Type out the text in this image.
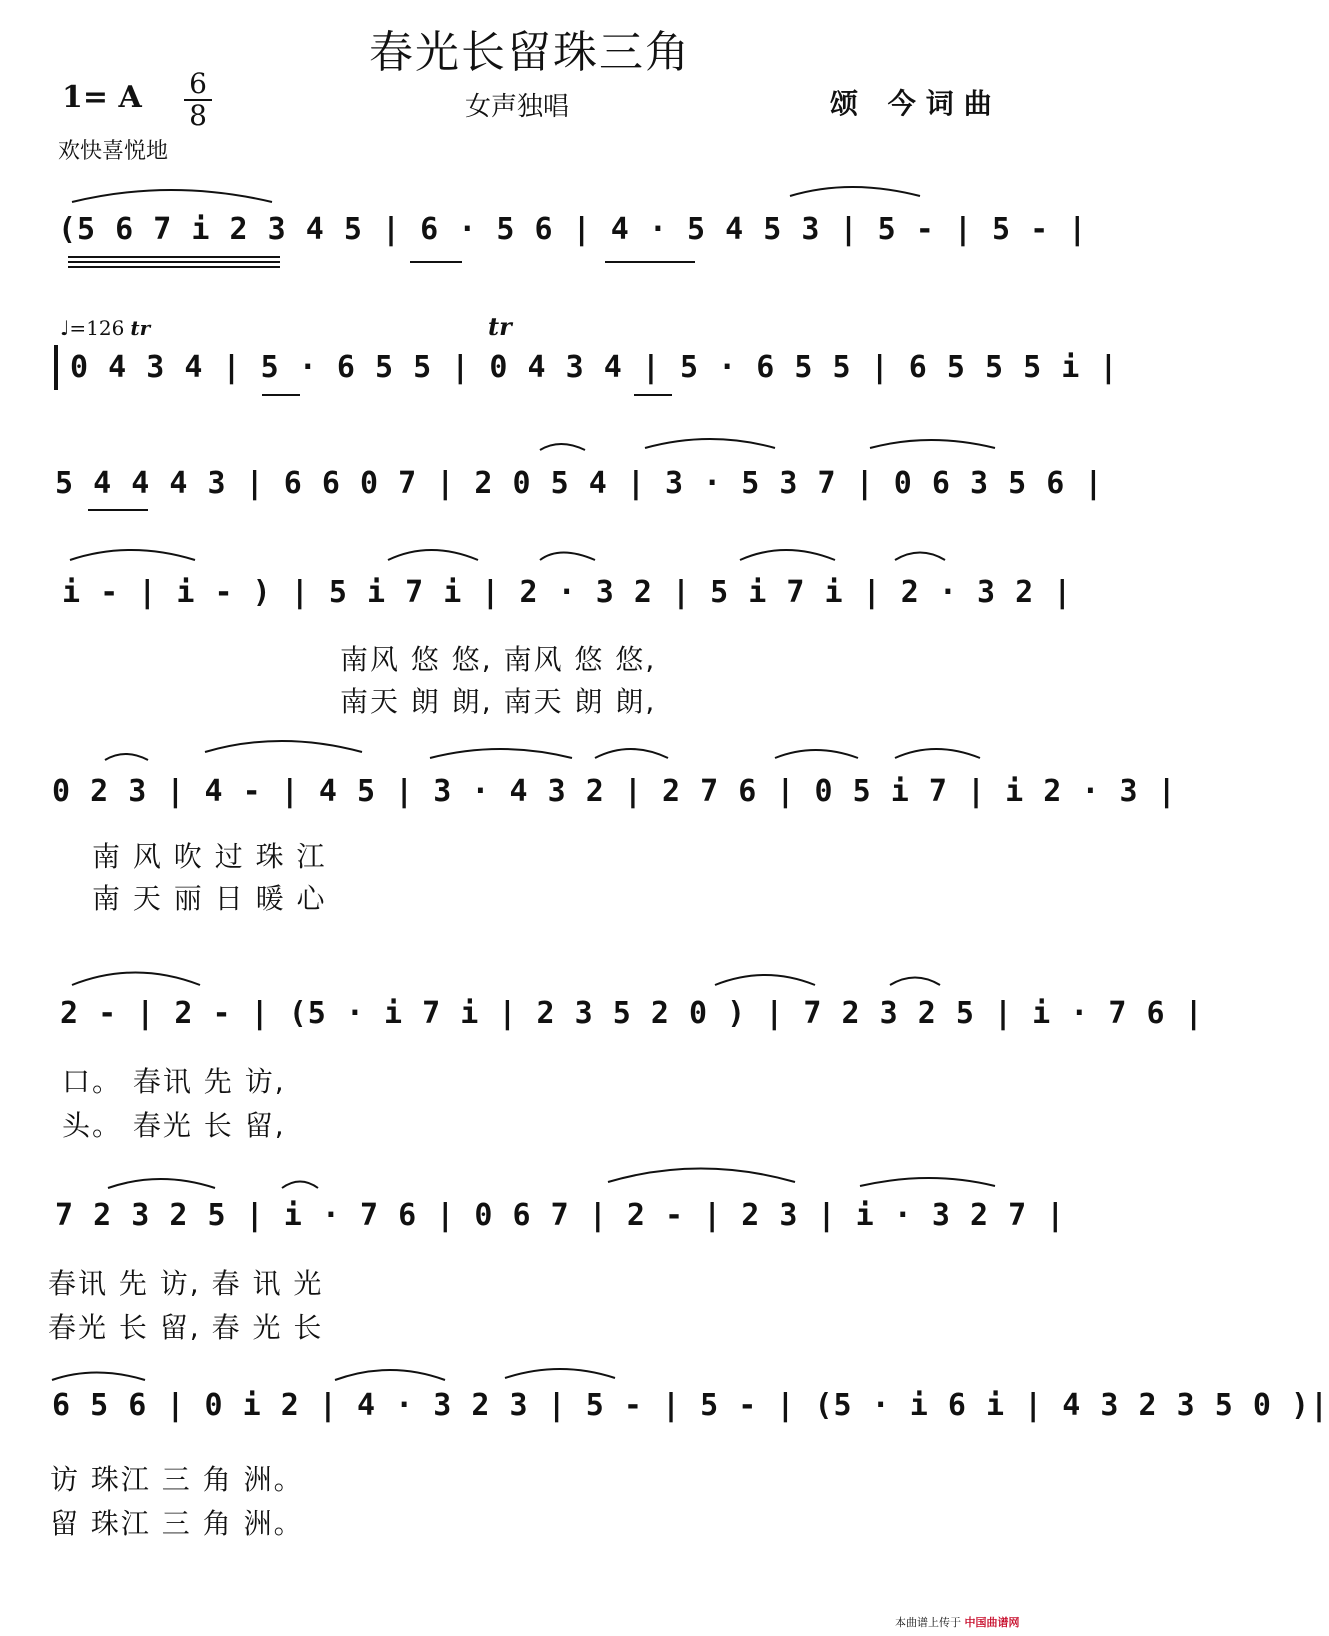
春光长留珠三角
1= A	6
8	女声独唱	颂 今词曲
欢快喜悦地
♩=126 tr	tr
(5 6 7 i 2 3 4 5 | 6 · 5 6 | 4 · 5 4 5 3 | 5 - | 5 - |
0 4 3 4 | 5 · 6 5 5 | 0 4 3 4 | 5 · 6 5 5 | 6 5 5 5 i |
5 4 4 4 3 | 6 6 0 7 | 2 0 5 4 | 3 · 5 3 7 | 0 6 3 5 6 |
i - | i - ) | 5 i 7 i | 2 · 3 2 | 5 i 7 i | 2 · 3 2 |
南风 悠 悠, 南风 悠 悠,
南天 朗 朗, 南天 朗 朗,
0 2 3 | 4 - | 4 5 | 3 · 4 3 2 | 2 7 6 | 0 5 i 7 | i 2 · 3 |
南 风 吹 过 珠 江
南 天 丽 日 暖 心
2 - | 2 - | (5 · i 7 i | 2 3 5 2 0 ) | 7 2 3 2 5 | i · 7 6 |
口。 春讯 先 访,
头。 春光 长 留,
7 2 3 2 5 | i · 7 6 | 0 6 7 | 2 - | 2 3 | i · 3 2 7 |
春讯 先 访, 春 讯 光
春光 长 留, 春 光 长
6 5 6 | 0 i 2 | 4 · 3 2 3 | 5 - | 5 - | (5 · i 6 i | 4 3 2 3 5 0 )|
访 珠江 三 角 洲。
留 珠江 三 角 洲。
本曲谱上传于 中国曲谱网
